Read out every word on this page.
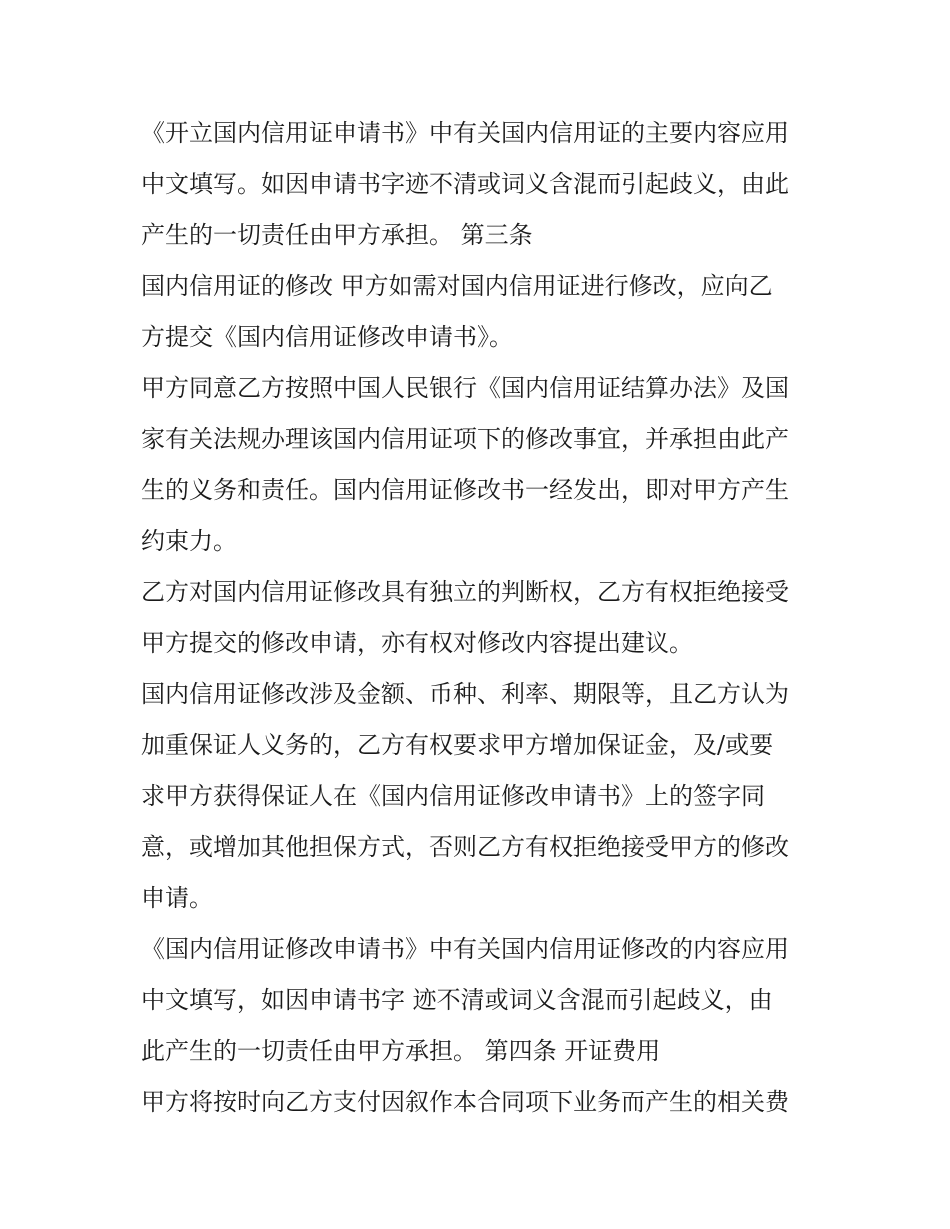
《开立国内信用证申请书》中有关国内信用证的主要内容应用
中文填写。如因申请书字迹不清或词义含混而引起歧义，由此
产生的一切责任由甲方承担。 第三条
国内信用证的修改 甲方如需对国内信用证进行修改，应向乙
方提交《国内信用证修改申请书》。
甲方同意乙方按照中国人民银行《国内信用证结算办法》及国
家有关法规办理该国内信用证项下的修改事宜，并承担由此产
生的义务和责任。国内信用证修改书一经发出，即对甲方产生
约束力。
乙方对国内信用证修改具有独立的判断权，乙方有权拒绝接受
甲方提交的修改申请，亦有权对修改内容提出建议。
国内信用证修改涉及金额、币种、利率、期限等，且乙方认为
加重保证人义务的，乙方有权要求甲方增加保证金，及/或要
求甲方获得保证人在《国内信用证修改申请书》上的签字同
意，或增加其他担保方式，否则乙方有权拒绝接受甲方的修改
申请。
《国内信用证修改申请书》中有关国内信用证修改的内容应用
中文填写，如因申请书字 迹不清或词义含混而引起歧义，由
此产生的一切责任由甲方承担。 第四条 开证费用
甲方将按时向乙方支付因叙作本合同项下业务而产生的相关费
